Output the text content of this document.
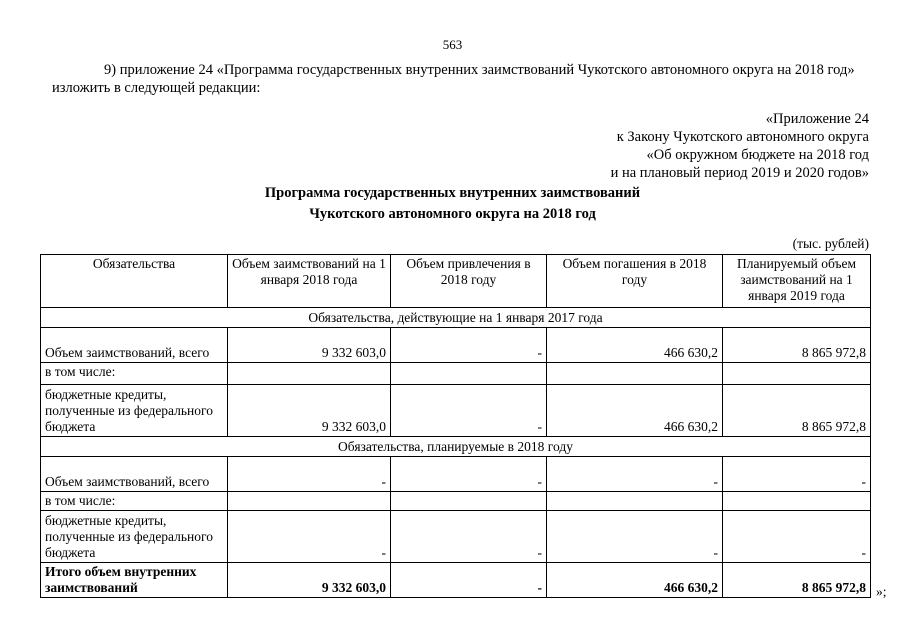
563
9) приложение 24 «Программа государственных внутренних заимствований Чукотского автономного округа на 2018 год» изложить в следующей редакции:
«Приложение 24
к Закону Чукотского автономного округа
«Об окружном бюджете на 2018 год
и на плановый период 2019 и 2020 годов»
Программа государственных внутренних заимствований
Чукотского автономного округа на 2018 год
(тыс. рублей)
Обязательства	Объем заимствований на 1 января 2018 года	Объем привлечения в 2018 году	Объем погашения в 2018 году	Планируемый объем заимствований на 1 января 2019 года
Обязательства, действующие на 1 января 2017 года				
Объем заимствований, всего	9 332 603,0	-	466 630,2	8 865 972,8
в том числе:				
бюджетные кредиты, полученные из федерального бюджета	9 332 603,0	-	466 630,2	8 865 972,8
Обязательства, планируемые в 2018 году				
Объем заимствований, всего	-	-	-	-
в том числе:				
бюджетные кредиты, полученные из федерального бюджета	-	-	-	-
Итого объем внутренних заимствований	9 332 603,0	-	466 630,2	8 865 972,8 »;
